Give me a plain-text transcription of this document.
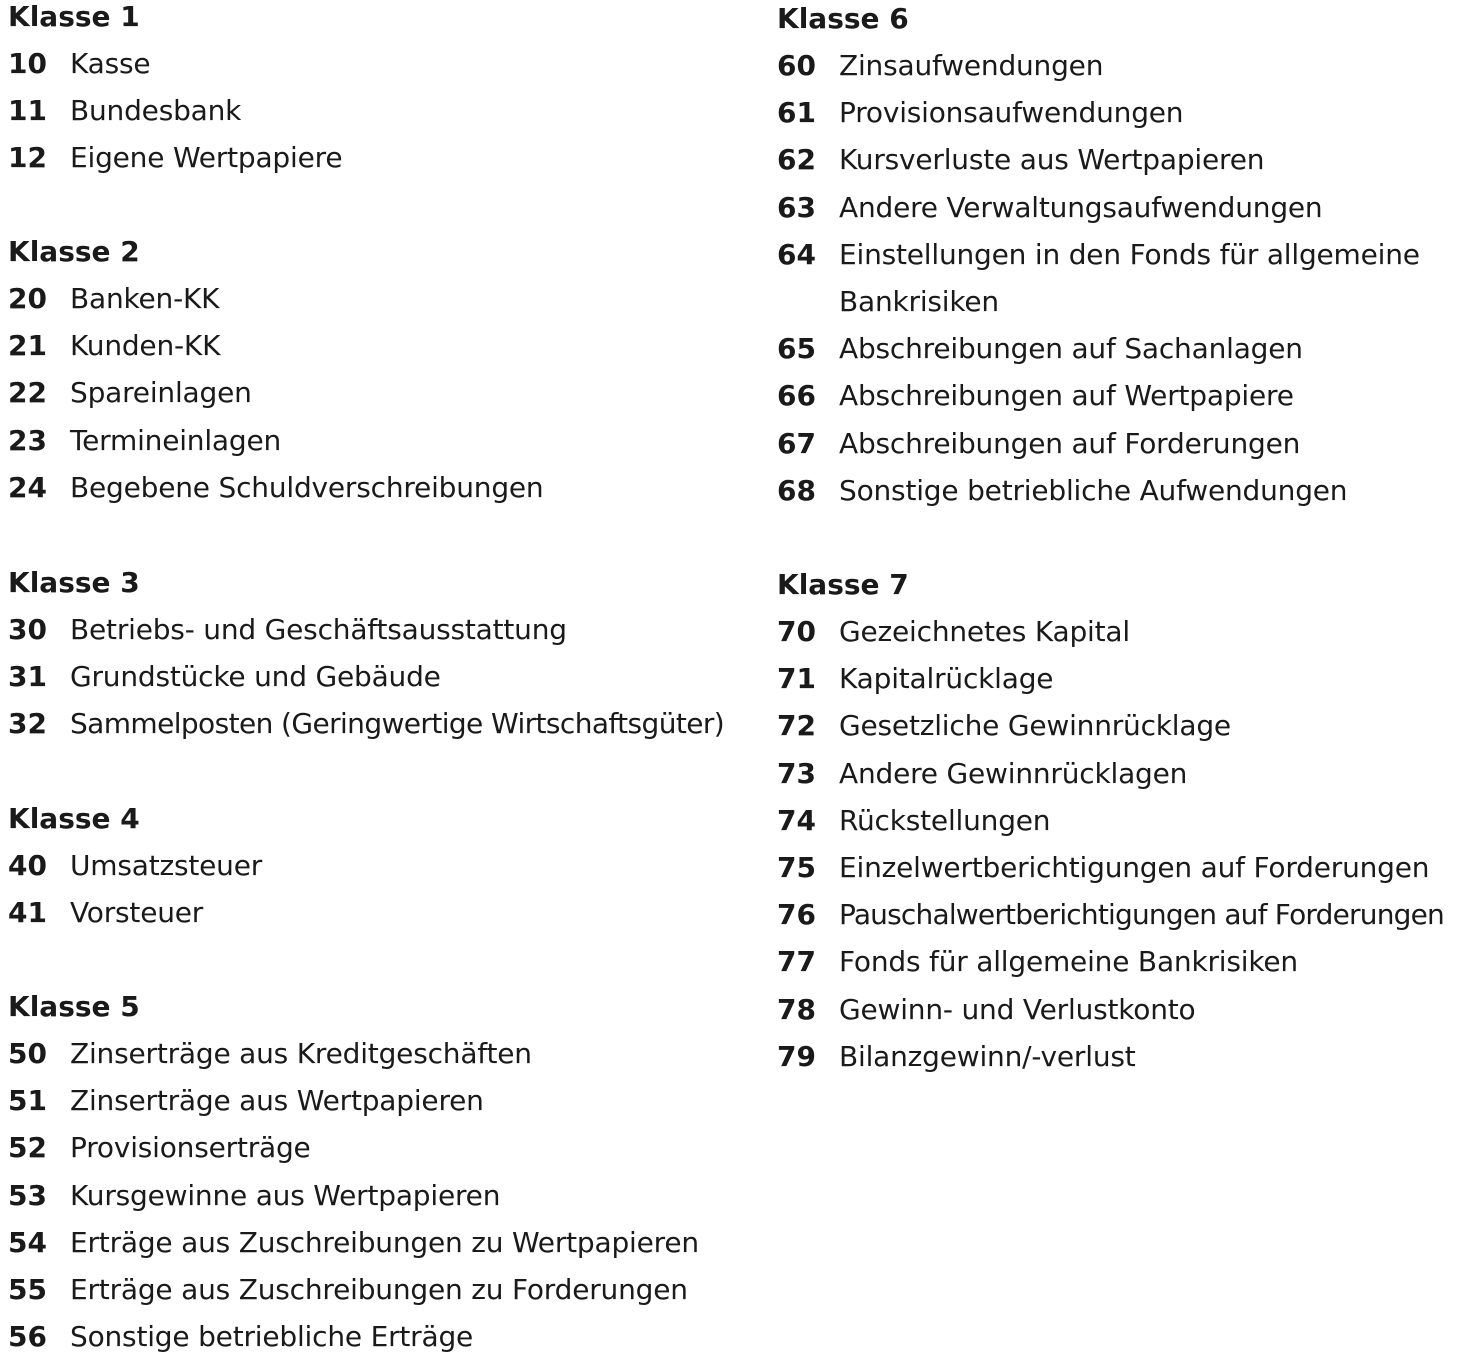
Klasse 1
10 Kasse
11 Bundesbank
12 Eigene Wertpapiere
Klasse 2
20 Banken-KK
21 Kunden-KK
22 Spareinlagen
23 Termineinlagen
24 Begebene Schuldverschreibungen
Klasse 3
30 Betriebs- und Geschäftsausstattung
31 Grundstücke und Gebäude
32 Sammelposten (Geringwertige Wirtschaftsgüter)
Klasse 4
40 Umsatzsteuer
41 Vorsteuer
Klasse 5
50 Zinserträge aus Kreditgeschäften
51 Zinserträge aus Wertpapieren
52 Provisionserträge
53 Kursgewinne aus Wertpapieren
54 Erträge aus Zuschreibungen zu Wertpapieren
55 Erträge aus Zuschreibungen zu Forderungen
56 Sonstige betriebliche Erträge
Klasse 6
60 Zinsaufwendungen
61 Provisionsaufwendungen
62 Kursverluste aus Wertpapieren
63 Andere Verwaltungsaufwendungen
64 Einstellungen in den Fonds für allgemeine Bankrisiken
65 Abschreibungen auf Sachanlagen
66 Abschreibungen auf Wertpapiere
67 Abschreibungen auf Forderungen
68 Sonstige betriebliche Aufwendungen
Klasse 7
70 Gezeichnetes Kapital
71 Kapitalrücklage
72 Gesetzliche Gewinnrücklage
73 Andere Gewinnrücklagen
74 Rückstellungen
75 Einzelwertberichtigungen auf Forderungen
76 Pauschalwertberichtigungen auf Forderungen
77 Fonds für allgemeine Bankrisiken
78 Gewinn- und Verlustkonto
79 Bilanzgewinn/-verlust
